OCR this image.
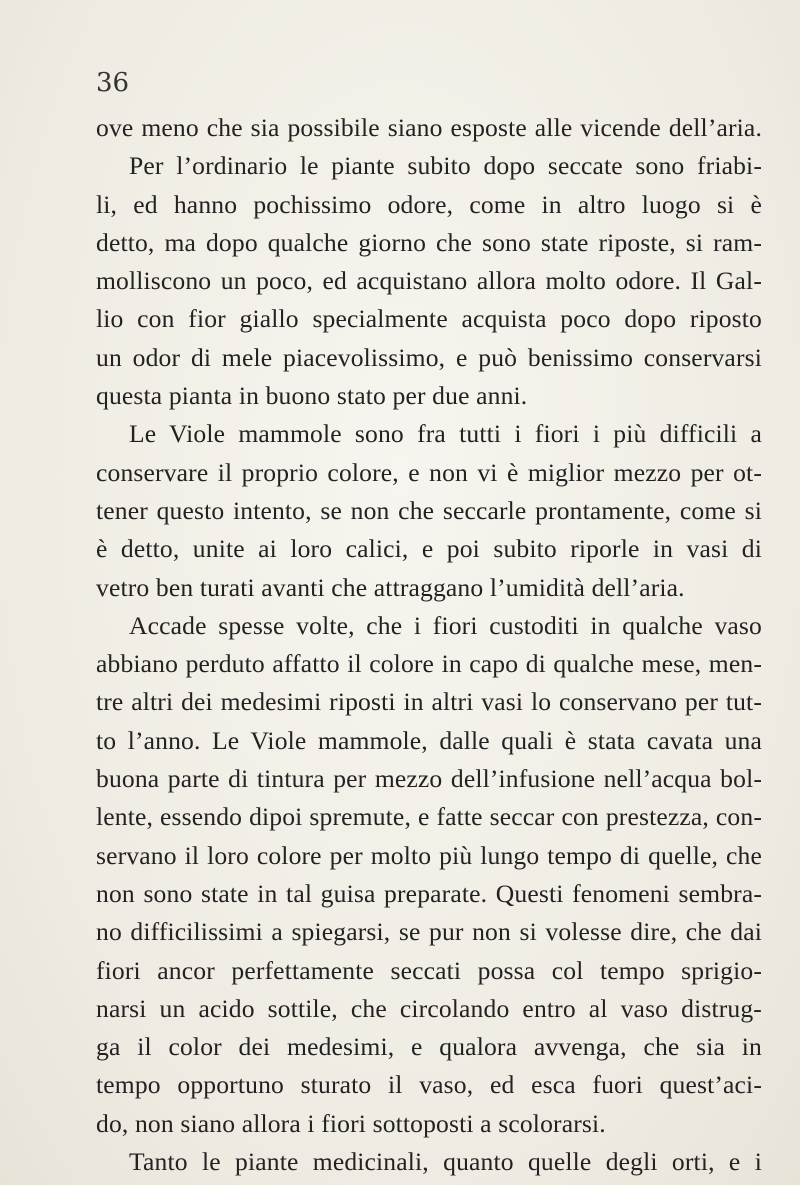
36
ove meno che sia possibile siano esposte alle vicende dell’aria.
Per l’ordinario le piante subito dopo seccate sono friabi-
li, ed hanno pochissimo odore, come in altro luogo si è
detto, ma dopo qualche giorno che sono state riposte, si ram-
molliscono un poco, ed acquistano allora molto odore. Il Gal-
lio con fior giallo specialmente acquista poco dopo riposto
un odor di mele piacevolissimo, e può benissimo conservarsi
questa pianta in buono stato per due anni.
Le Viole mammole sono fra tutti i fiori i più difficili a
conservare il proprio colore, e non vi è miglior mezzo per ot-
tener questo intento, se non che seccarle prontamente, come si
è detto, unite ai loro calici, e poi subito riporle in vasi di
vetro ben turati avanti che attraggano l’umidità dell’aria.
Accade spesse volte, che i fiori custoditi in qualche vaso
abbiano perduto affatto il colore in capo di qualche mese, men-
tre altri dei medesimi riposti in altri vasi lo conservano per tut-
to l’anno. Le Viole mammole, dalle quali è stata cavata una
buona parte di tintura per mezzo dell’infusione nell’acqua bol-
lente, essendo dipoi spremute, e fatte seccar con prestezza, con-
servano il loro colore per molto più lungo tempo di quelle, che
non sono state in tal guisa preparate. Questi fenomeni sembra-
no difficilissimi a spiegarsi, se pur non si volesse dire, che dai
fiori ancor perfettamente seccati possa col tempo sprigio-
narsi un acido sottile, che circolando entro al vaso distrug-
ga il color dei medesimi, e qualora avvenga, che sia in
tempo opportuno sturato il vaso, ed esca fuori quest’aci-
do, non siano allora i fiori sottoposti a scolorarsi.
Tanto le piante medicinali, quanto quelle degli orti, e i
